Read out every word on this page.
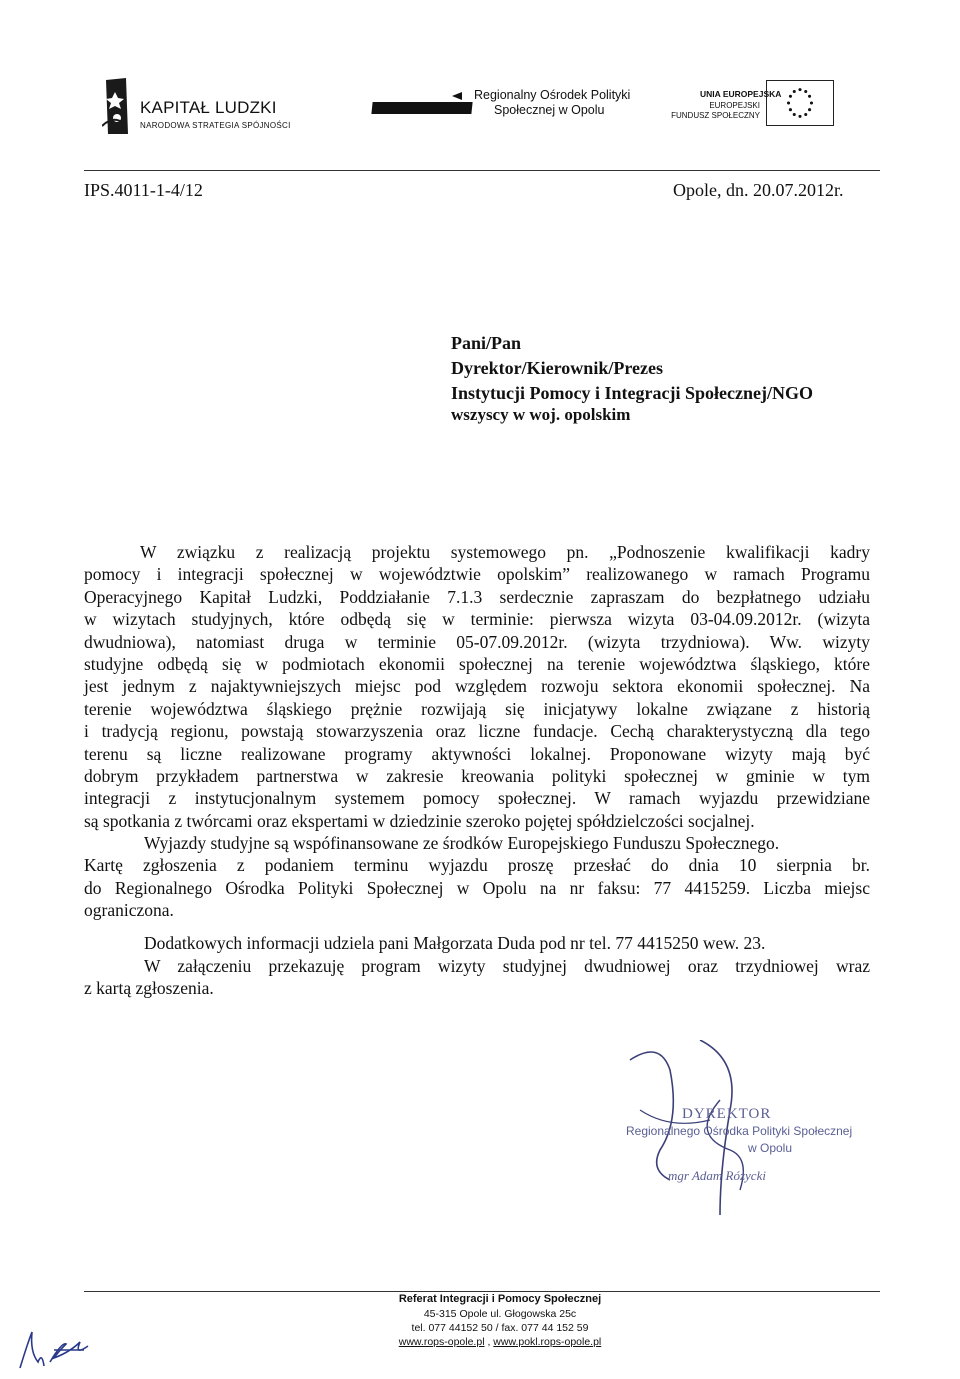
KAPITAŁ LUDZKI
NARODOWA STRATEGIA SPÓJNOŚCI
Regionalny Ośrodek Polityki
Społecznej w Opolu
UNIA EUROPEJSKA
EUROPEJSKI
FUNDUSZ SPOŁECZNY
IPS.4011-1-4/12	Opole, dn. 20.07.2012r.
Pani/Pan
Dyrektor/Kierownik/Prezes
Instytucji Pomocy i Integracji Społecznej/NGO
wszyscy w woj. opolskim
W związku z realizacją projektu systemowego pn. „Podnoszenie kwalifikacji kadry
pomocy i integracji społecznej w województwie opolskim” realizowanego w ramach Programu
Operacyjnego Kapitał Ludzki, Poddziałanie 7.1.3 serdecznie zapraszam do bezpłatnego udziału
w wizytach studyjnych, które odbędą się w terminie: pierwsza wizyta 03-04.09.2012r. (wizyta
dwudniowa), natomiast druga w terminie 05-07.09.2012r. (wizyta trzydniowa). Ww. wizyty
studyjne odbędą się w podmiotach ekonomii społecznej na terenie województwa śląskiego, które
jest jednym z najaktywniejszych miejsc pod względem rozwoju sektora ekonomii społecznej. Na
terenie województwa śląskiego prężnie rozwijają się inicjatywy lokalne związane z historią
i tradycją regionu, powstają stowarzyszenia oraz liczne fundacje. Cechą charakterystyczną dla tego
terenu są liczne realizowane programy aktywności lokalnej. Proponowane wizyty mają być
dobrym przykładem partnerstwa w zakresie kreowania polityki społecznej w gminie w tym
integracji z instytucjonalnym systemem pomocy społecznej. W ramach wyjazdu przewidziane
są spotkania z twórcami oraz ekspertami w dziedzinie szeroko pojętej spółdzielczości socjalnej.
Wyjazdy studyjne są wspófinansowane ze środków Europejskiego Funduszu Społecznego.
Kartę zgłoszenia z podaniem terminu wyjazdu proszę przesłać do dnia 10 sierpnia br.
do Regionalnego Ośrodka Polityki Społecznej w Opolu na nr faksu: 77 4415259. Liczba miejsc
ograniczona.
Dodatkowych informacji udziela pani Małgorzata Duda pod nr tel. 77 4415250 wew. 23.
W załączeniu przekazuję program wizyty studyjnej dwudniowej oraz trzydniowej wraz
z kartą zgłoszenia.
DYREKTOR
Regionalnego Ośrodka Polityki Społecznej
w Opolu
mgr Adam Różycki
Referat Integracji i Pomocy Społecznej
45-315 Opole ul. Głogowska 25c
tel. 077 44152 50 / fax. 077 44 152 59
www.rops-opole.pl , www.pokl.rops-opole.pl
